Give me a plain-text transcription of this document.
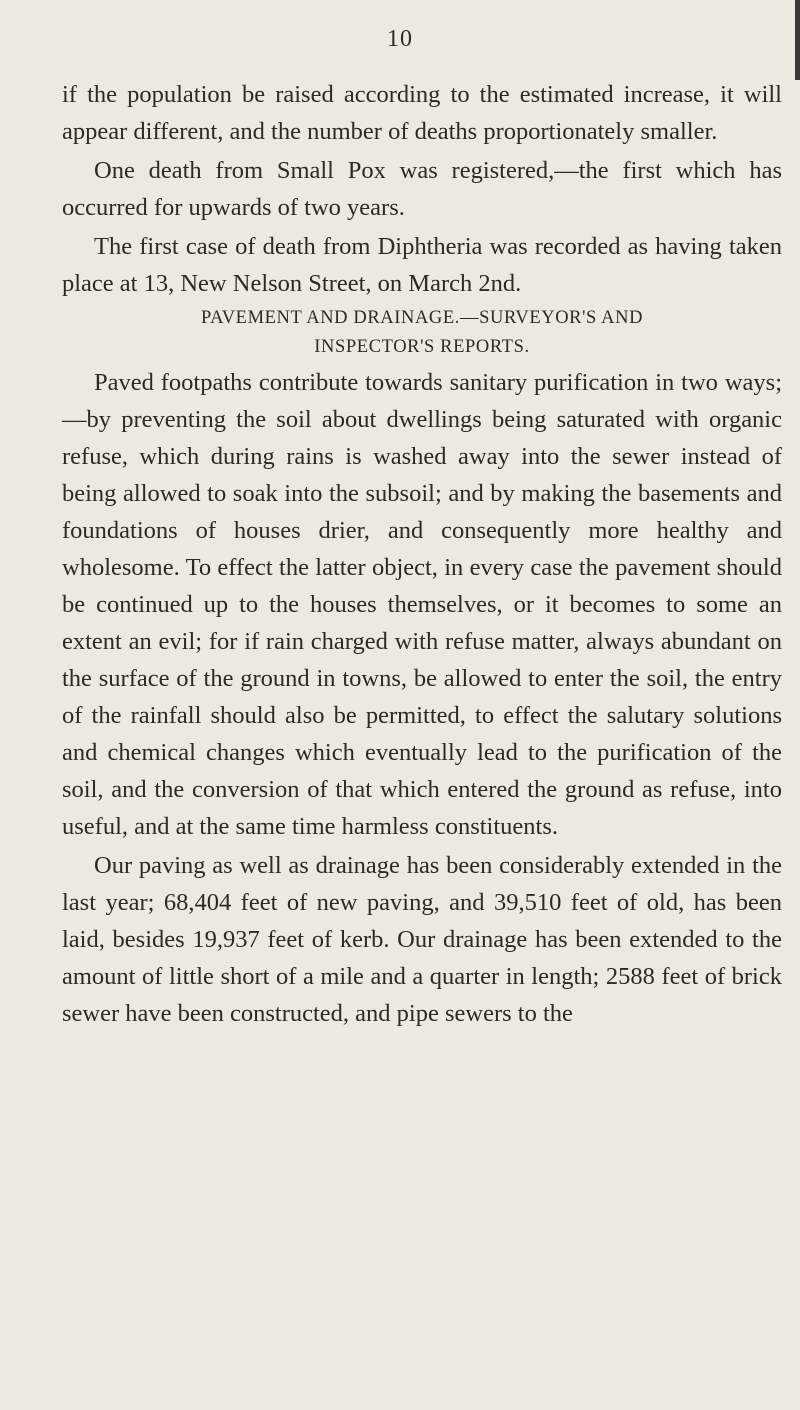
10

if the population be raised according to the estimated increase, it will appear different, and the number of deaths proportionately smaller.

One death from Small Pox was registered,—the first which has occurred for upwards of two years.

The first case of death from Diphtheria was recorded as having taken place at 13, New Nelson Street, on March 2nd.

PAVEMENT AND DRAINAGE.—SURVEYOR'S AND
INSPECTOR'S REPORTS.

Paved footpaths contribute towards sanitary purification in two ways;—by preventing the soil about dwellings being saturated with organic refuse, which during rains is washed away into the sewer instead of being allowed to soak into the subsoil; and by making the basements and foundations of houses drier, and consequently more healthy and wholesome. To effect the latter object, in every case the pavement should be continued up to the houses themselves, or it becomes to some an extent an evil; for if rain charged with refuse matter, always abundant on the surface of the ground in towns, be allowed to enter the soil, the entry of the rainfall should also be permitted, to effect the salutary solutions and chemical changes which eventually lead to the purification of the soil, and the conversion of that which entered the ground as refuse, into useful, and at the same time harmless constituents.

Our paving as well as drainage has been considerably extended in the last year; 68,404 feet of new paving, and 39,510 feet of old, has been laid, besides 19,937 feet of kerb. Our drainage has been extended to the amount of little short of a mile and a quarter in length; 2588 feet of brick sewer have been constructed, and pipe sewers to the
